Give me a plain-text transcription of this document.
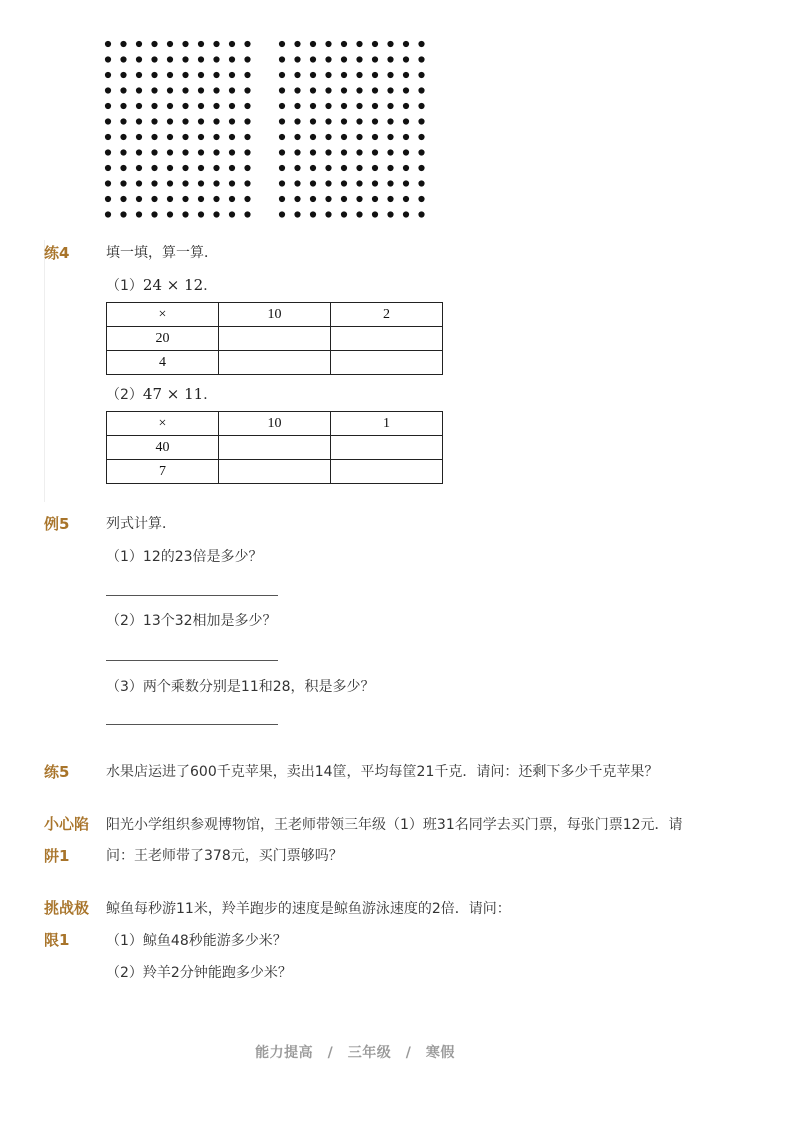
练4	填一填，算一算．
（1）24 × 12．
×	10	2
20		
4		
（2）47 × 11．
×	10	1
40		
7		
例5	列式计算．
（1）12的23倍是多少？
（2）13个32相加是多少？
（3）两个乘数分别是11和28，积是多少？
练5	水果店运进了600千克苹果，卖出14筐，平均每筐21千克．请问：还剩下多少千克苹果？
小心陷
阱1
阳光小学组织参观博物馆，王老师带领三年级（1）班31名同学去买门票，每张门票12元．请
问：王老师带了378元，买门票够吗？
挑战极
限1
鲸鱼每秒游11米，羚羊跑步的速度是鲸鱼游泳速度的2倍．请问：
（1）鲸鱼48秒能游多少米？
（2）羚羊2分钟能跑多少米？
能力提高　/　三年级　/　寒假
